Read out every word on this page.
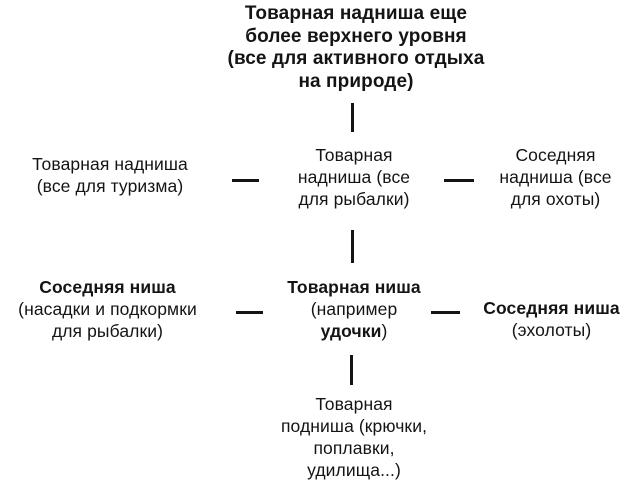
Товарная надниша еще
более верхнего уровня
(все для активного отдыха
на природе)
Товарная надниша
(все для туризма)
Товарная
надниша (все
для рыбалки)
Соседняя
надниша (все
для охоты)
Соседняя ниша
(насадки и подкормки
для рыбалки)
Товарная ниша
(например
удочки)
Соседняя ниша
(эхолоты)
Товарная
подниша (крючки,
поплавки,
удилища...)
